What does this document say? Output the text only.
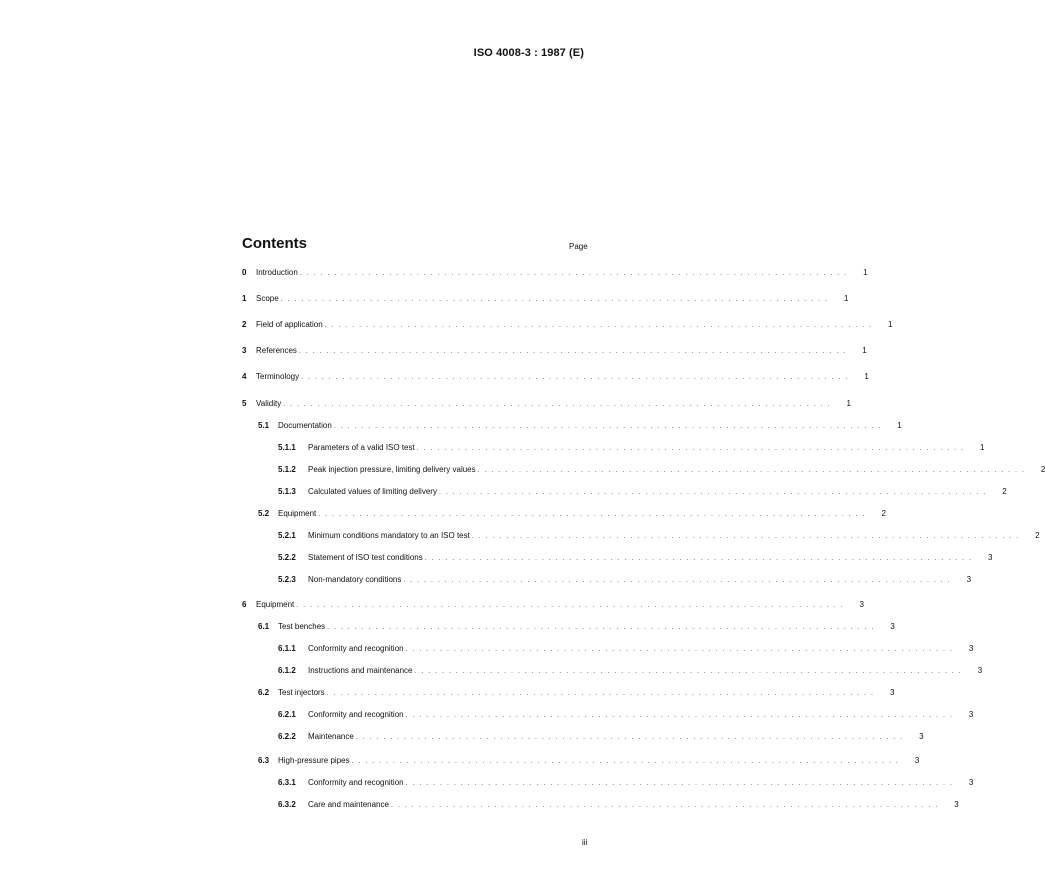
ISO 4008-3 : 1987 (E)
Contents	Page
0	Introduction . . . . . . . . . . . . . . . . . . . . . . . . . . . . . . . . . . . . . . . . . . . . . . . . . . . . . . . . . . . . . . . . . . . . . . . . . . . . . . . .	1
1	Scope . . . . . . . . . . . . . . . . . . . . . . . . . . . . . . . . . . . . . . . . . . . . . . . . . . . . . . . . . . . . . . . . . . . . . . . . . . . . . . . .	1
2	Field of application . . . . . . . . . . . . . . . . . . . . . . . . . . . . . . . . . . . . . . . . . . . . . . . . . . . . . . . . . . . . . . . . . . . . . . . . . . . . . . . .	1
3	References . . . . . . . . . . . . . . . . . . . . . . . . . . . . . . . . . . . . . . . . . . . . . . . . . . . . . . . . . . . . . . . . . . . . . . . . . . . . . . . .	1
4	Terminology . . . . . . . . . . . . . . . . . . . . . . . . . . . . . . . . . . . . . . . . . . . . . . . . . . . . . . . . . . . . . . . . . . . . . . . . . . . . . . . .	1
5	Validity . . . . . . . . . . . . . . . . . . . . . . . . . . . . . . . . . . . . . . . . . . . . . . . . . . . . . . . . . . . . . . . . . . . . . . . . . . . . . . . .	1
5.1	Documentation . . . . . . . . . . . . . . . . . . . . . . . . . . . . . . . . . . . . . . . . . . . . . . . . . . . . . . . . . . . . . . . . . . . . . . . . . . . . . . . .	1
5.1.1	Parameters of a valid ISO test . . . . . . . . . . . . . . . . . . . . . . . . . . . . . . . . . . . . . . . . . . . . . . . . . . . . . . . . . . . . . . . . . . . . . . . . . . . . . . . .	1
5.1.2	Peak injection pressure, limiting delivery values . . . . . . . . . . . . . . . . . . . . . . . . . . . . . . . . . . . . . . . . . . . . . . . . . . . . . . . . . . . . . . . . . . . . . . . . . . . . . . . .	2
5.1.3	Calculated values of limiting delivery . . . . . . . . . . . . . . . . . . . . . . . . . . . . . . . . . . . . . . . . . . . . . . . . . . . . . . . . . . . . . . . . . . . . . . . . . . . . . . . .	2
5.2	Equipment . . . . . . . . . . . . . . . . . . . . . . . . . . . . . . . . . . . . . . . . . . . . . . . . . . . . . . . . . . . . . . . . . . . . . . . . . . . . . . . .	2
5.2.1	Minimum conditions mandatory to an ISO test . . . . . . . . . . . . . . . . . . . . . . . . . . . . . . . . . . . . . . . . . . . . . . . . . . . . . . . . . . . . . . . . . . . . . . . . . . . . . . . .	2
5.2.2	Statement of ISO test conditions . . . . . . . . . . . . . . . . . . . . . . . . . . . . . . . . . . . . . . . . . . . . . . . . . . . . . . . . . . . . . . . . . . . . . . . . . . . . . . . .	3
5.2.3	Non-mandatory conditions . . . . . . . . . . . . . . . . . . . . . . . . . . . . . . . . . . . . . . . . . . . . . . . . . . . . . . . . . . . . . . . . . . . . . . . . . . . . . . . .	3
6	Equipment . . . . . . . . . . . . . . . . . . . . . . . . . . . . . . . . . . . . . . . . . . . . . . . . . . . . . . . . . . . . . . . . . . . . . . . . . . . . . . . .	3
6.1	Test benches . . . . . . . . . . . . . . . . . . . . . . . . . . . . . . . . . . . . . . . . . . . . . . . . . . . . . . . . . . . . . . . . . . . . . . . . . . . . . . . .	3
6.1.1	Conformity and recognition . . . . . . . . . . . . . . . . . . . . . . . . . . . . . . . . . . . . . . . . . . . . . . . . . . . . . . . . . . . . . . . . . . . . . . . . . . . . . . . .	3
6.1.2	Instructions and maintenance . . . . . . . . . . . . . . . . . . . . . . . . . . . . . . . . . . . . . . . . . . . . . . . . . . . . . . . . . . . . . . . . . . . . . . . . . . . . . . . .	3
6.2	Test injectors . . . . . . . . . . . . . . . . . . . . . . . . . . . . . . . . . . . . . . . . . . . . . . . . . . . . . . . . . . . . . . . . . . . . . . . . . . . . . . . .	3
6.2.1	Conformity and recognition . . . . . . . . . . . . . . . . . . . . . . . . . . . . . . . . . . . . . . . . . . . . . . . . . . . . . . . . . . . . . . . . . . . . . . . . . . . . . . . .	3
6.2.2	Maintenance . . . . . . . . . . . . . . . . . . . . . . . . . . . . . . . . . . . . . . . . . . . . . . . . . . . . . . . . . . . . . . . . . . . . . . . . . . . . . . . .	3
6.3	High-pressure pipes . . . . . . . . . . . . . . . . . . . . . . . . . . . . . . . . . . . . . . . . . . . . . . . . . . . . . . . . . . . . . . . . . . . . . . . . . . . . . . . .	3
6.3.1	Conformity and recognition . . . . . . . . . . . . . . . . . . . . . . . . . . . . . . . . . . . . . . . . . . . . . . . . . . . . . . . . . . . . . . . . . . . . . . . . . . . . . . . .	3
6.3.2	Care and maintenance . . . . . . . . . . . . . . . . . . . . . . . . . . . . . . . . . . . . . . . . . . . . . . . . . . . . . . . . . . . . . . . . . . . . . . . . . . . . . . . .	3
iii
